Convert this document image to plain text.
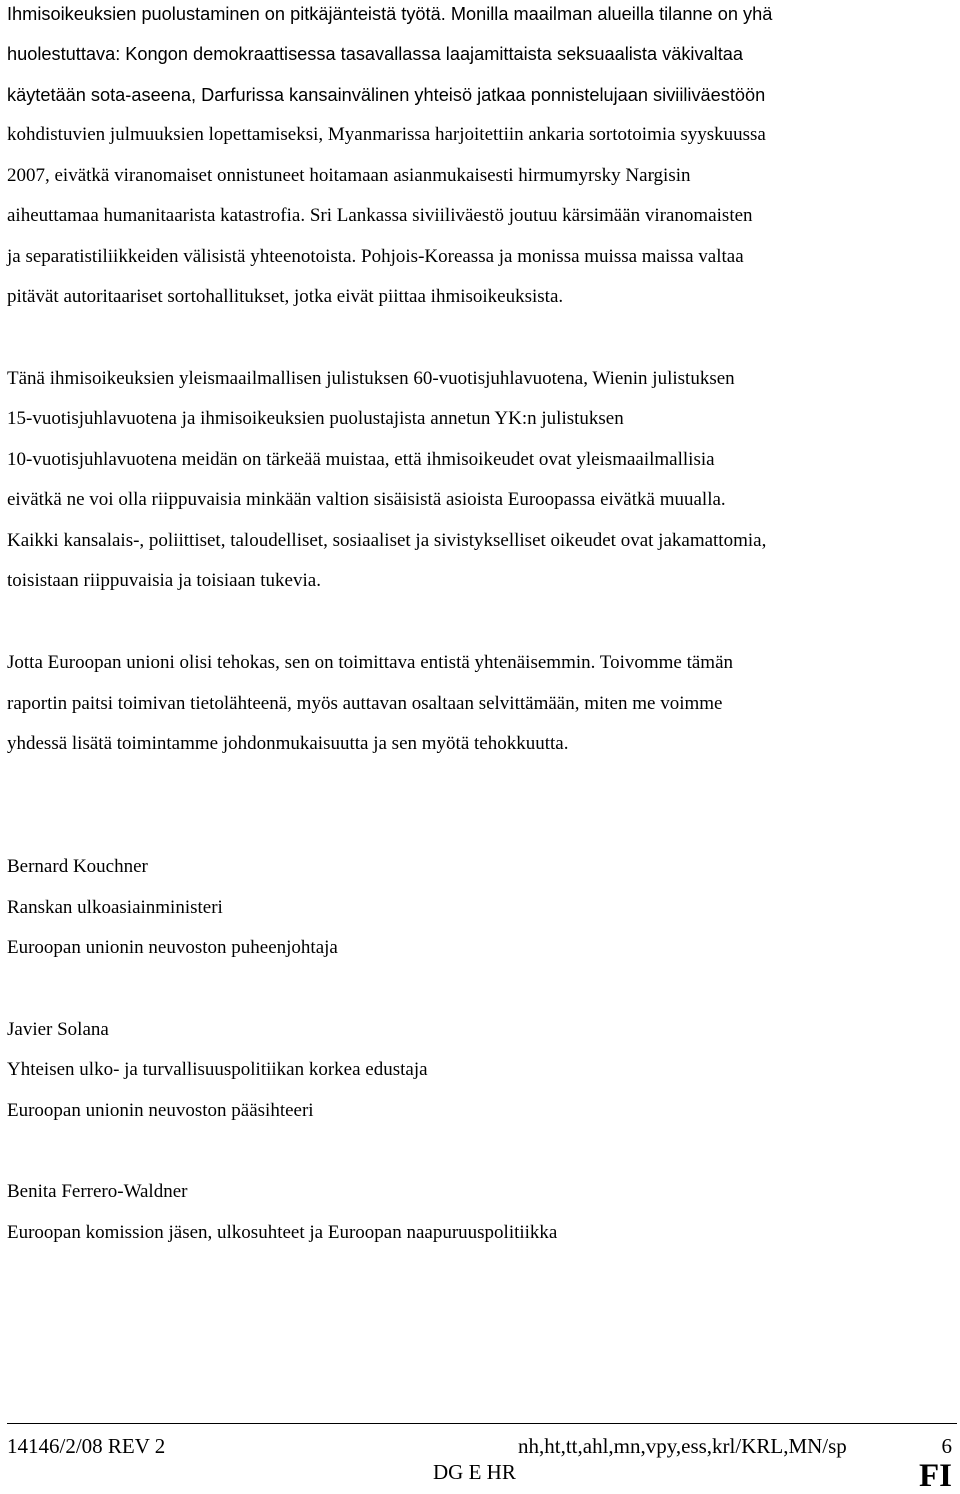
Ihmisoikeuksien puolustaminen on pitkäjänteistä työtä. Monilla maailman alueilla tilanne on yhä
huolestuttava: Kongon demokraattisessa tasavallassa laajamittaista seksuaalista väkivaltaa
käytetään sota-aseena, Darfurissa kansainvälinen yhteisö jatkaa ponnistelujaan siviiliväestöön
kohdistuvien julmuuksien lopettamiseksi, Myanmarissa harjoitettiin ankaria sortotoimia syyskuussa
2007, eivätkä viranomaiset onnistuneet hoitamaan asianmukaisesti hirmumyrsky Nargisin
aiheuttamaa humanitaarista katastrofia. Sri Lankassa siviiliväestö joutuu kärsimään viranomaisten
ja separatistiliikkeiden välisistä yhteenotoista. Pohjois-Koreassa ja monissa muissa maissa valtaa
pitävät autoritaariset sortohallitukset, jotka eivät piittaa ihmisoikeuksista.
Tänä ihmisoikeuksien yleismaailmallisen julistuksen 60-vuotisjuhlavuotena, Wienin julistuksen
15-vuotisjuhlavuotena ja ihmisoikeuksien puolustajista annetun YK:n julistuksen
10-vuotisjuhlavuotena meidän on tärkeää muistaa, että ihmisoikeudet ovat yleismaailmallisia
eivätkä ne voi olla riippuvaisia minkään valtion sisäisistä asioista Euroopassa eivätkä muualla.
Kaikki kansalais-, poliittiset, taloudelliset, sosiaaliset ja sivistykselliset oikeudet ovat jakamattomia,
toisistaan riippuvaisia ja toisiaan tukevia.
Jotta Euroopan unioni olisi tehokas, sen on toimittava entistä yhtenäisemmin. Toivomme tämän
raportin paitsi toimivan tietolähteenä, myös auttavan osaltaan selvittämään, miten me voimme
yhdessä lisätä toimintamme johdonmukaisuutta ja sen myötä tehokkuutta.
Bernard Kouchner
Ranskan ulkoasiainministeri
Euroopan unionin neuvoston puheenjohtaja
Javier Solana
Yhteisen ulko- ja turvallisuuspolitiikan korkea edustaja
Euroopan unionin neuvoston pääsihteeri
Benita Ferrero-Waldner
Euroopan komission jäsen, ulkosuhteet ja Euroopan naapuruuspolitiikka
14146/2/08 REV 2	nh,ht,tt,ahl,mn,vpy,ess,krl/KRL,MN/sp	6
DG E HR	FI
